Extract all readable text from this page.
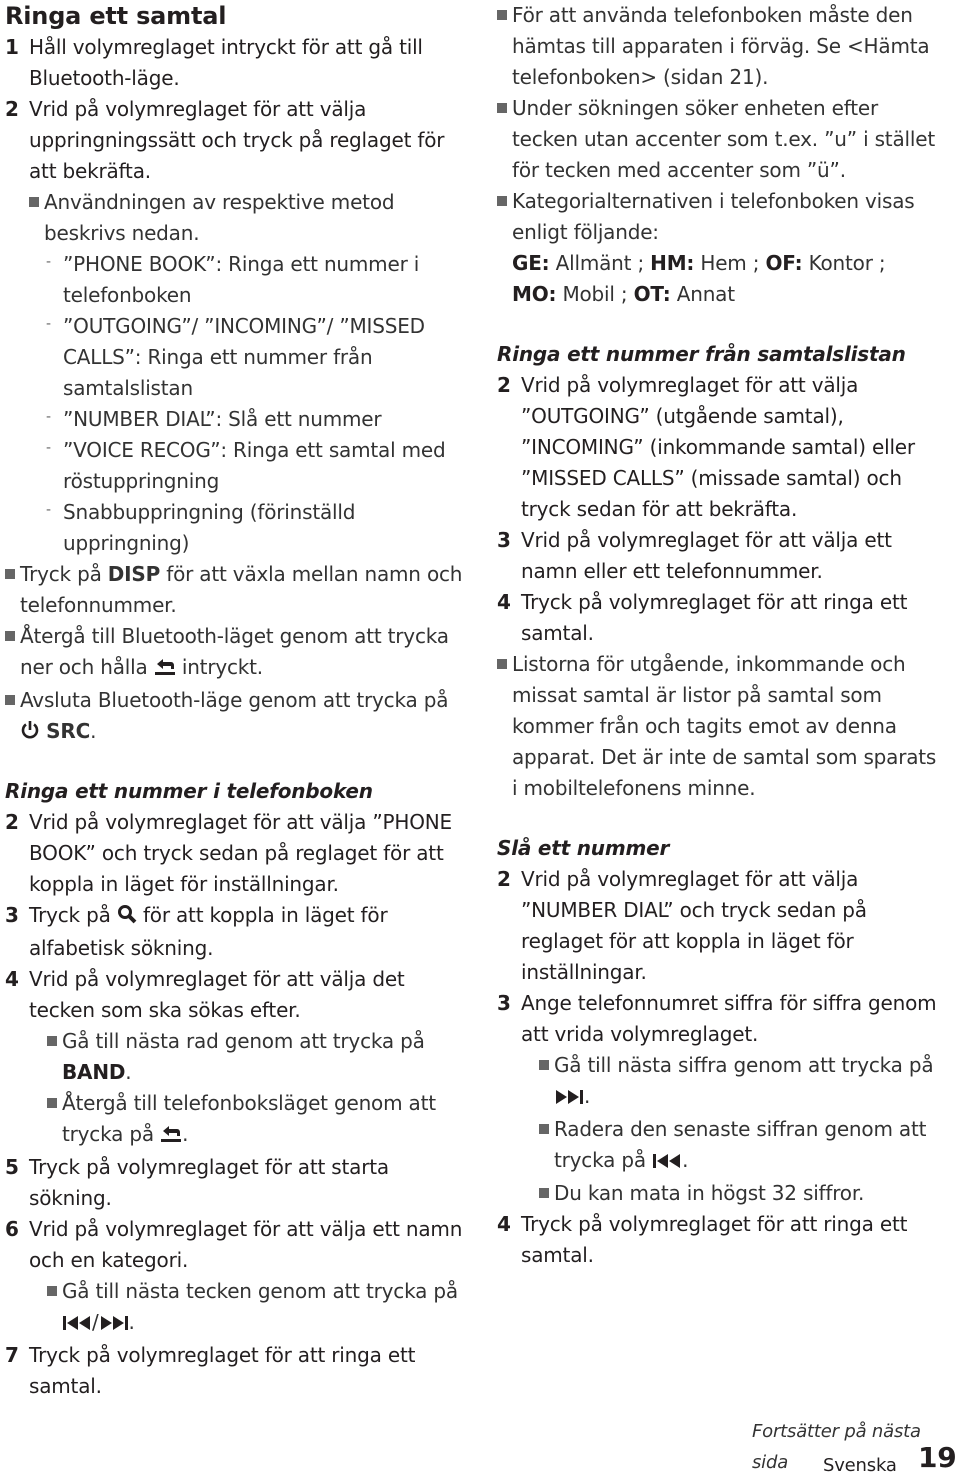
Ringa ett samtal
1 Håll volymreglaget intryckt för att gå till Bluetooth-läge.
2 Vrid på volymreglaget för att välja uppringningssätt och tryck på reglaget för att bekräfta.
Användningen av respektive metod beskrivs nedan.
- ”PHONE BOOK”: Ringa ett nummer i telefonboken
- ”OUTGOING”/ ”INCOMING”/ ”MISSED CALLS”: Ringa ett nummer från samtalslistan
- ”NUMBER DIAL”: Slå ett nummer
- ”VOICE RECOG”: Ringa ett samtal med röstuppringning
- Snabbuppringning (förinställd uppringning)
Tryck på DISP för att växla mellan namn och telefonnummer.
Återgå till Bluetooth-läget genom att trycka ner och hålla  intryckt.
Avsluta Bluetooth-läge genom att trycka på
SRC.
Ringa ett nummer i telefonboken
2 Vrid på volymreglaget för att välja ”PHONE BOOK” och tryck sedan på reglaget för att koppla in läget för inställningar.
3 Tryck på  för att koppla in läget för alfabetisk sökning.
4 Vrid på volymreglaget för att välja det tecken som ska sökas efter.
Gå till nästa rad genom att trycka på BAND.
Återgå till telefonboksläget genom att trycka på .
5 Tryck på volymreglaget för att starta sökning.
6 Vrid på volymreglaget för att välja ett namn och en kategori.
Gå till nästa tecken genom att trycka på
/ .
7 Tryck på volymreglaget för att ringa ett samtal.
För att använda telefonboken måste den hämtas till apparaten i förväg. Se <Hämta telefonboken> (sidan 21).
Under sökningen söker enheten efter tecken utan accenter som t.ex. ”u” i stället för tecken med accenter som ”ü”.
Kategorialternativen i telefonboken visas enligt följande:
GE: Allmänt ; HM: Hem ; OF: Kontor ;
MO: Mobil ; OT: Annat
Ringa ett nummer från samtalslistan
2 Vrid på volymreglaget för att välja ”OUTGOING” (utgående samtal), ”INCOMING” (inkommande samtal) eller ”MISSED CALLS” (missade samtal) och tryck sedan för att bekräfta.
3 Vrid på volymreglaget för att välja ett namn eller ett telefonnummer.
4 Tryck på volymreglaget för att ringa ett samtal.
Listorna för utgående, inkommande och missat samtal är listor på samtal som kommer från och tagits emot av denna apparat. Det är inte de samtal som sparats i mobiltelefonens minne.
Slå ett nummer
2 Vrid på volymreglaget för att välja ”NUMBER DIAL” och tryck sedan på reglaget för att koppla in läget för inställningar.
3 Ange telefonnumret siffra för siffra genom att vrida volymreglaget.
Gå till nästa siffra genom att trycka på
.
Radera den senaste siffran genom att trycka på .
Du kan mata in högst 32 siffror.
4 Tryck på volymreglaget för att ringa ett samtal.
Fortsätter på nästa sida	Svenska 19
